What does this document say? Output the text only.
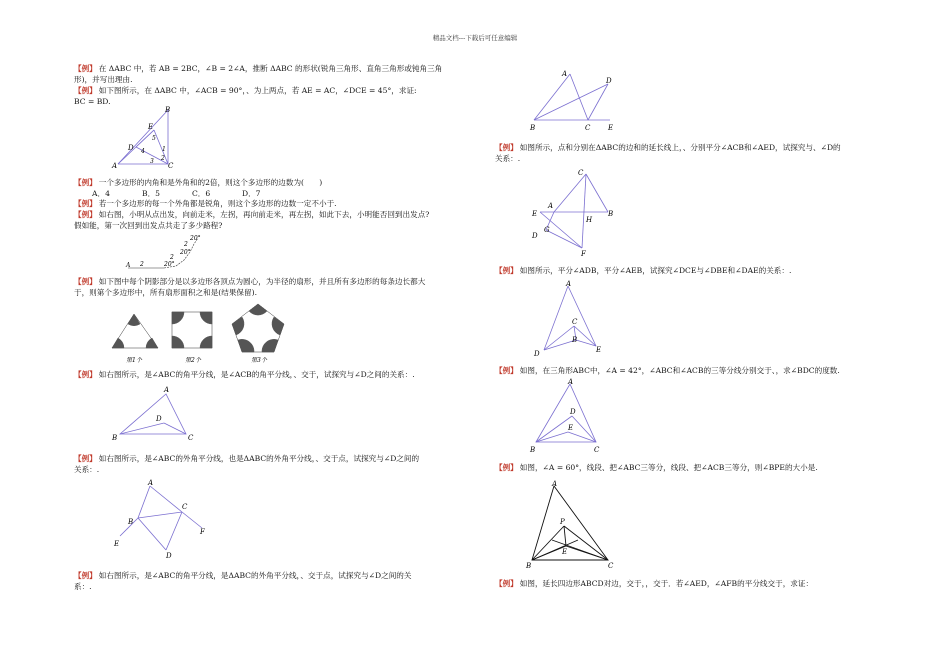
精品文档---下载后可任意编辑
【例】 在 ΔABC 中，若 AB = 2BC，∠B = 2∠A，推断 ΔABC 的形状(锐角三角形、直角三角形或钝角三角
形)，并写出理由.
【例】 如下图所示，在 ΔABC 中，∠ACB = 90°，、为上两点，若 AE = AC，∠DCE = 45°，求证:
BC = BD.
B
E
D
A	C
5
4	1
2
3
【例】 一个多边形的内角和是外角和的2倍，则这个多边形的边数为(　　)
A．4	B．5	C．6	D．7
【例】 若一个多边形的每一个外角都是锐角，则这个多边形的边数一定不小于.
【例】 如右图，小明从点出发，向前走米，左拐，再向前走米，再左拐，如此下去，小明能否回到出发点?
假如能，第一次回到出发点共走了多少路程?
A 2	20°
2
20°
2
20°
【例】 如下图中每个阴影部分是以多边形各顶点为圆心，为半径的扇形，并且所有多边形的每条边长都大
于，则第个多边形中，所有扇形面积之和是(结果保留).
第1个	第2个	第3个
【例】 如右图所示，是∠ABC的角平分线，是∠ACB的角平分线，、交于，试探究与∠D之间的关系：.
A
D
B	C
【例】 如右图所示，是∠ABC的外角平分线，也是ΔABC的外角平分线，、交于点，试探究与∠D之间的
关系：.
A
B
C
F
E
D
【例】 如右图所示，是∠ABC的角平分线，是ΔABC的外角平分线，、交于点，试探究与∠D之间的关
系：.
A
D
B	C	E
【例】 如图所示，点和分别在ΔABC的边和的延长线上，、分别平分∠ACB和∠AED，试探究与、∠D的
关系：.
C
A
E	B
H
G
D
F
【例】 如图所示，平分∠ADB，平分∠AEB，试探究∠DCE与∠DBE和∠DAE的关系：.
A
C
B
D	E
【例】 如图，在三角形ABC中，∠A = 42°，∠ABC和∠ACB的三等分线分别交于、，求∠BDC的度数.
A
D
E
B	C
【例】 如图，∠A = 60°，线段、把∠ABC三等分，线段、把∠ACB三等分，则∠BPE的大小是.
A
P
E
B	C
【例】 如图，延长四边形ABCD对边，交于，，交于．若∠AED，∠AFB的平分线交于，求证：
